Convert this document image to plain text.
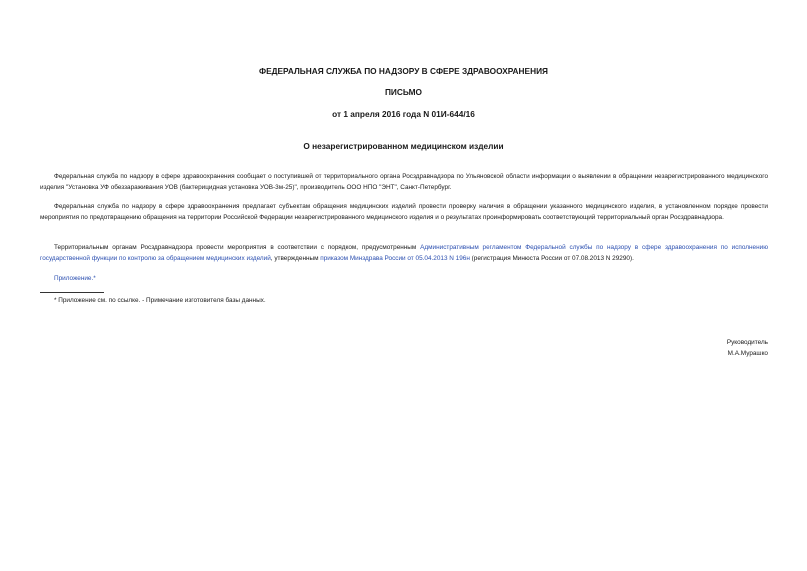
ФЕДЕРАЛЬНАЯ СЛУЖБА ПО НАДЗОРУ В СФЕРЕ ЗДРАВООХРАНЕНИЯ
ПИСЬМО
от 1 апреля 2016 года N 01И-644/16
О незарегистрированном медицинском изделии

Федеральная служба по надзору в сфере здравоохранения сообщает о поступившей от территориального органа Росздравнадзора по Ульяновской области информации о выявлении в обращении незарегистрированного медицинского изделия "Установка УФ обеззараживания УОВ (бактерицидная установка УОВ-3м-25)", производитель ООО НПО "ЭНТ", Санкт-Петербург.

Федеральная служба по надзору в сфере здравоохранения предлагает субъектам обращения медицинских изделий провести проверку наличия в обращении указанного медицинского изделия, в установленном порядке провести мероприятия по предотвращению обращения на территории Российской Федерации незарегистрированного медицинского изделия и о результатах проинформировать соответствующий территориальный орган Росздравнадзора.

Территориальным органам Росздравнадзора провести мероприятия в соответствии с порядком, предусмотренным Административным регламентом Федеральной службы по надзору в сфере здравоохранения по исполнению государственной функции по контролю за обращением медицинских изделий, утвержденным приказом Минздрава России от 05.04.2013 N 196н (регистрация Минюста России от 07.08.2013 N 29290).

Приложение.*
* Приложение см. по ссылке. - Примечание изготовителя базы данных.
Руководитель
М.А.Мурашко
